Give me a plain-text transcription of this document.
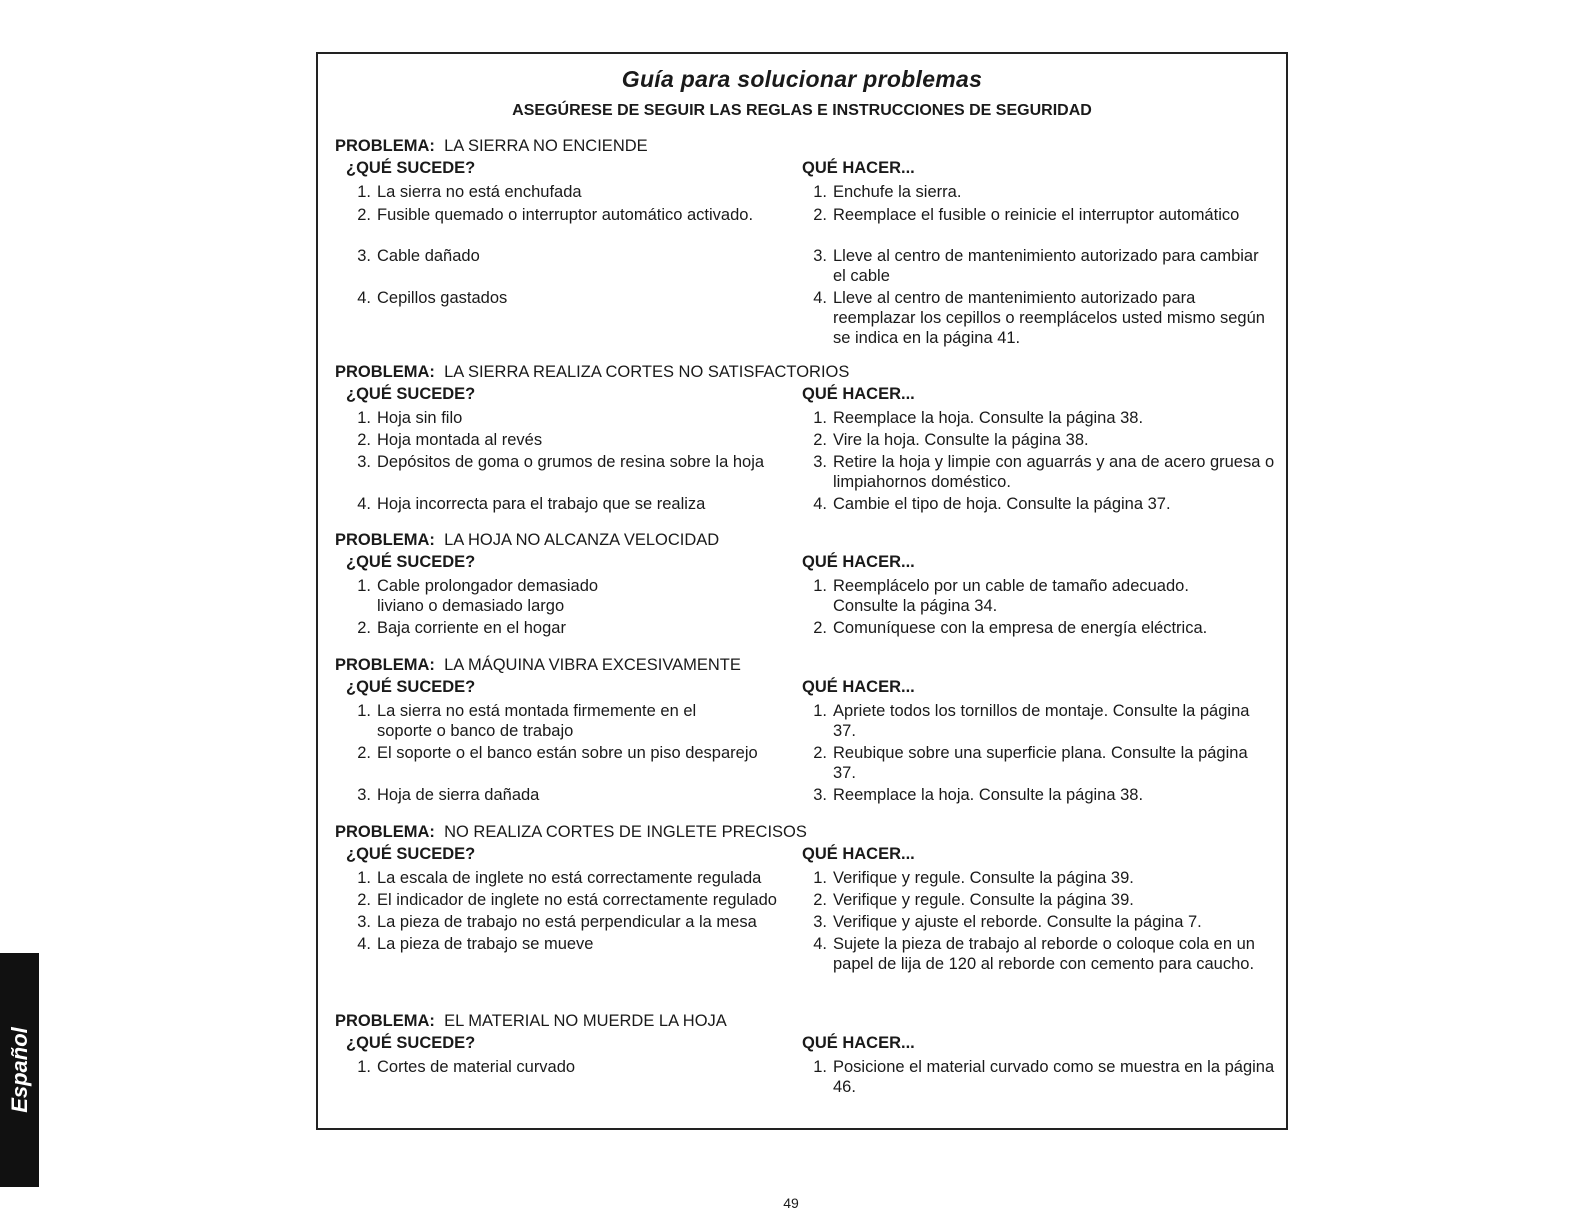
Guía para solucionar problemas
ASEGÚRESE DE SEGUIR LAS REGLAS E INSTRUCCIONES DE SEGURIDAD
PROBLEMA: LA SIERRA NO ENCIENDE
¿QUÉ SUCEDE?
1. La sierra no está enchufada
2. Fusible quemado o interruptor automático activado.
3. Cable dañado
4. Cepillos gastados
QUÉ HACER...
1. Enchufe la sierra.
2. Reemplace el fusible o reinicie el interruptor automático
3. Lleve al centro de mantenimiento autorizado para cambiar el cable
4. Lleve al centro de mantenimiento autorizado para reemplazar los cepillos o reemplácelos usted mismo según se indica en la página 41.
PROBLEMA: LA SIERRA REALIZA CORTES NO SATISFACTORIOS
¿QUÉ SUCEDE?
1. Hoja sin filo
2. Hoja montada al revés
3. Depósitos de goma o grumos de resina sobre la hoja
4. Hoja incorrecta para el trabajo que se realiza
QUÉ HACER...
1. Reemplace la hoja. Consulte la página 38.
2. Vire la hoja. Consulte la página 38.
3. Retire la hoja y limpie con aguarrás y ana de acero gruesa o limpiahornos doméstico.
4. Cambie el tipo de hoja. Consulte la página 37.
PROBLEMA: LA HOJA NO ALCANZA VELOCIDAD
¿QUÉ SUCEDE?
1. Cable prolongador demasiado liviano o demasiado largo
2. Baja corriente en el hogar
QUÉ HACER...
1. Reemplácelo por un cable de tamaño adecuado. Consulte la página 34.
2. Comuníquese con la empresa de energía eléctrica.
PROBLEMA: LA MÁQUINA VIBRA EXCESIVAMENTE
¿QUÉ SUCEDE?
1. La sierra no está montada firmemente en el soporte o banco de trabajo
2. El soporte o el banco están sobre un piso desparejo
3. Hoja de sierra dañada
QUÉ HACER...
1. Apriete todos los tornillos de montaje. Consulte la página 37.
2. Reubique sobre una superficie plana. Consulte la página 37.
3. Reemplace la hoja. Consulte la página 38.
PROBLEMA: NO REALIZA CORTES DE INGLETE PRECISOS
¿QUÉ SUCEDE?
1. La escala de inglete no está correctamente regulada
2. El indicador de inglete no está correctamente regulado
3. La pieza de trabajo no está perpendicular a la mesa
4. La pieza de trabajo se mueve
QUÉ HACER...
1. Verifique y regule. Consulte la página 39.
2. Verifique y regule. Consulte la página 39.
3. Verifique y ajuste el reborde. Consulte la página 7.
4. Sujete la pieza de trabajo al reborde o coloque cola en un papel de lija de 120 al reborde con cemento para caucho.
PROBLEMA: EL MATERIAL NO MUERDE LA HOJA
¿QUÉ SUCEDE?
1. Cortes de material curvado
QUÉ HACER...
1. Posicione el material curvado como se muestra en la página 46.
Español
49
